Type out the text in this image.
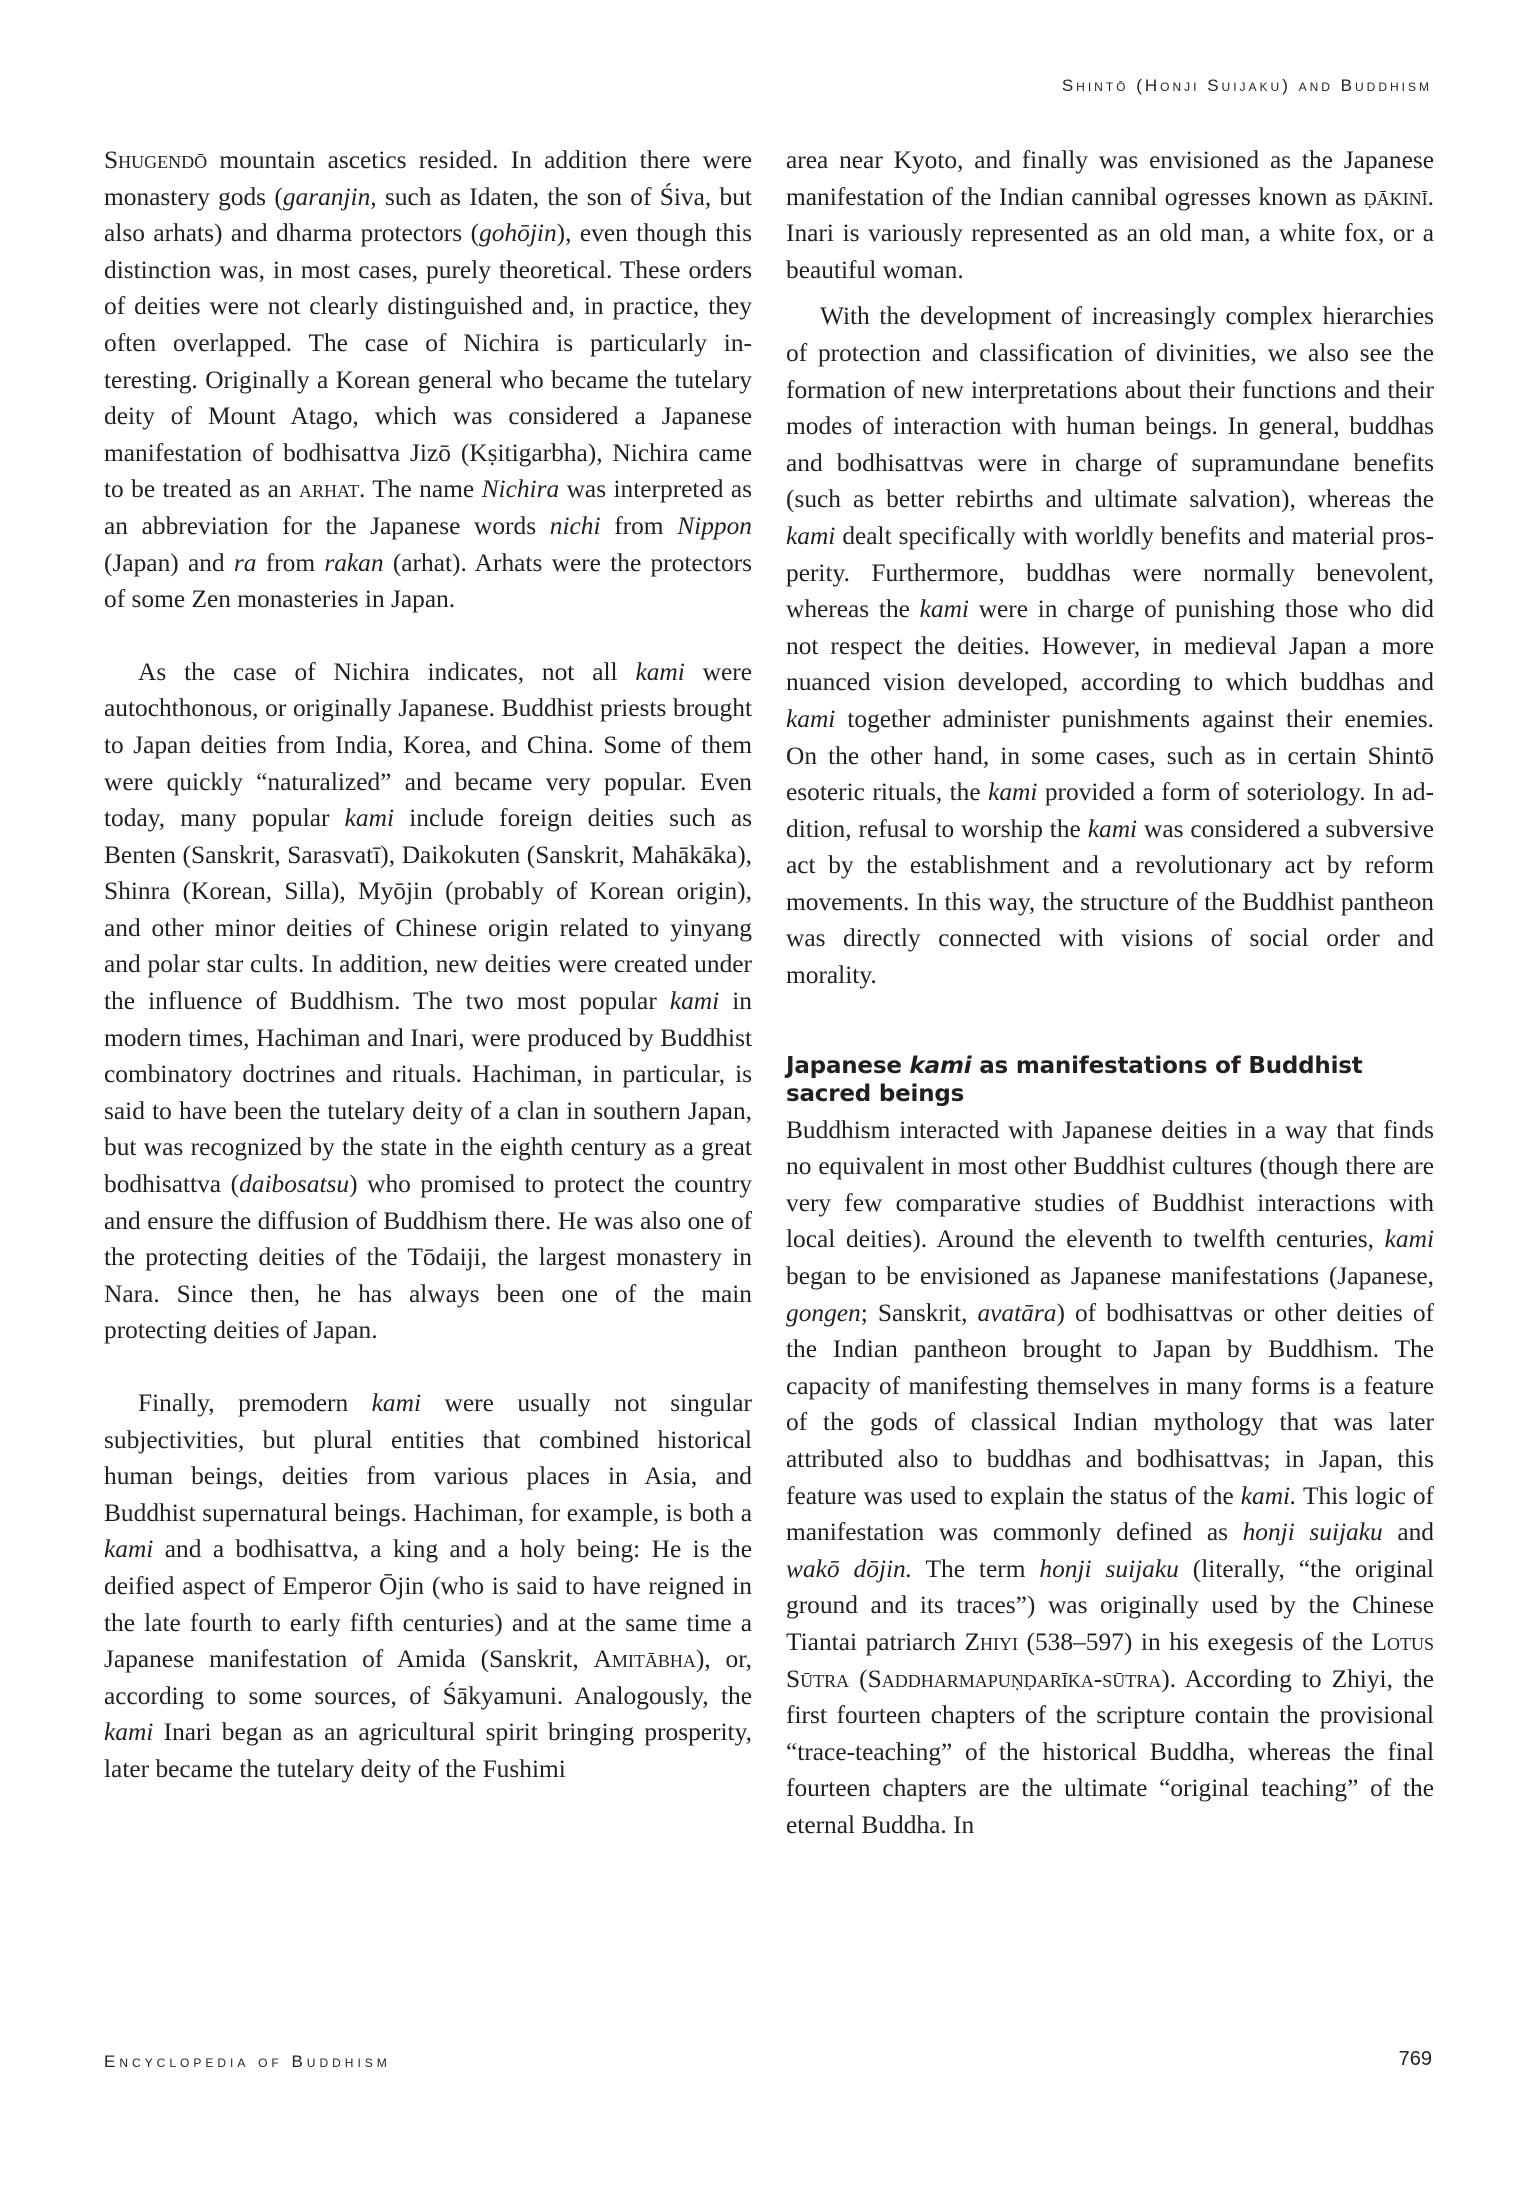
Shintō (Honji Suijaku) and Buddhism

Shugendō mountain ascetics resided. In addition there were monastery gods (garanjin, such as Idaten, the son of Śiva, but also arhats) and dharma protectors (gohōjin), even though this distinction was, in most cases, purely theoretical. These orders of deities were not clearly distinguished and, in practice, they often overlapped. The case of Nichira is particularly interesting. Originally a Korean general who became the tutelary deity of Mount Atago, which was considered a Japanese manifestation of bodhisattva Jizō (Kṣitigarbha), Nichira came to be treated as an arhat. The name Nichira was interpreted as an abbreviation for the Japanese words nichi from Nippon (Japan) and ra from rakan (arhat). Arhats were the protectors of some Zen monasteries in Japan.

As the case of Nichira indicates, not all kami were autochthonous, or originally Japanese. Buddhist priests brought to Japan deities from India, Korea, and China. Some of them were quickly “naturalized” and became very popular. Even today, many popular kami include foreign deities such as Benten (Sanskrit, Sarasvatī), Daikokuten (Sanskrit, Mahākāka), Shinra (Korean, Silla), Myōjin (probably of Korean origin), and other minor deities of Chinese origin related to yinyang and polar star cults. In addition, new deities were created under the influence of Buddhism. The two most popular kami in modern times, Hachiman and Inari, were produced by Buddhist combinatory doctrines and rituals. Hachiman, in particular, is said to have been the tutelary deity of a clan in southern Japan, but was recognized by the state in the eighth century as a great bodhisattva (daibosatsu) who promised to protect the country and ensure the diffusion of Buddhism there. He was also one of the protecting deities of the Tōdaiji, the largest monastery in Nara. Since then, he has always been one of the main protecting deities of Japan.

Finally, premodern kami were usually not singular subjectivities, but plural entities that combined historical human beings, deities from various places in Asia, and Buddhist supernatural beings. Hachiman, for example, is both a kami and a bodhisattva, a king and a holy being: He is the deified aspect of Emperor Ōjin (who is said to have reigned in the late fourth to early fifth centuries) and at the same time a Japanese manifestation of Amida (Sanskrit, Amitābha), or, according to some sources, of Śākyamuni. Analogously, the kami Inari began as an agricultural spirit bringing prosperity, later became the tutelary deity of the Fushimi

area near Kyoto, and finally was envisioned as the Japanese manifestation of the Indian cannibal ogresses known as ḍākinī. Inari is variously represented as an old man, a white fox, or a beautiful woman.

With the development of increasingly complex hierarchies of protection and classification of divinities, we also see the formation of new interpretations about their functions and their modes of interaction with human beings. In general, buddhas and bodhisattvas were in charge of supramundane benefits (such as better rebirths and ultimate salvation), whereas the kami dealt specifically with worldly benefits and material prosperity. Furthermore, buddhas were normally benevolent, whereas the kami were in charge of punishing those who did not respect the deities. However, in medieval Japan a more nuanced vision developed, according to which buddhas and kami together administer punishments against their enemies. On the other hand, in some cases, such as in certain Shintō esoteric rituals, the kami provided a form of soteriology. In addition, refusal to worship the kami was considered a subversive act by the establishment and a revolutionary act by reform movements. In this way, the structure of the Buddhist pantheon was directly connected with visions of social order and morality.

Japanese kami as manifestations of Buddhist sacred beings

Buddhism interacted with Japanese deities in a way that finds no equivalent in most other Buddhist cultures (though there are very few comparative studies of Buddhist interactions with local deities). Around the eleventh to twelfth centuries, kami began to be envisioned as Japanese manifestations (Japanese, gongen; Sanskrit, avatāra) of bodhisattvas or other deities of the Indian pantheon brought to Japan by Buddhism. The capacity of manifesting themselves in many forms is a feature of the gods of classical Indian mythology that was later attributed also to buddhas and bodhisattvas; in Japan, this feature was used to explain the status of the kami. This logic of manifestation was commonly defined as honji suijaku and wakō dōjin. The term honji suijaku (literally, “the original ground and its traces”) was originally used by the Chinese Tiantai patriarch Zhiyi (538–597) in his exegesis of the Lotus Sūtra (Saddharmapuṇḍarīka-sūtra). According to Zhiyi, the first fourteen chapters of the scripture contain the provisional “trace-teaching” of the historical Buddha, whereas the final fourteen chapters are the ultimate “original teaching” of the eternal Buddha. In

Encyclopedia of Buddhism	769
